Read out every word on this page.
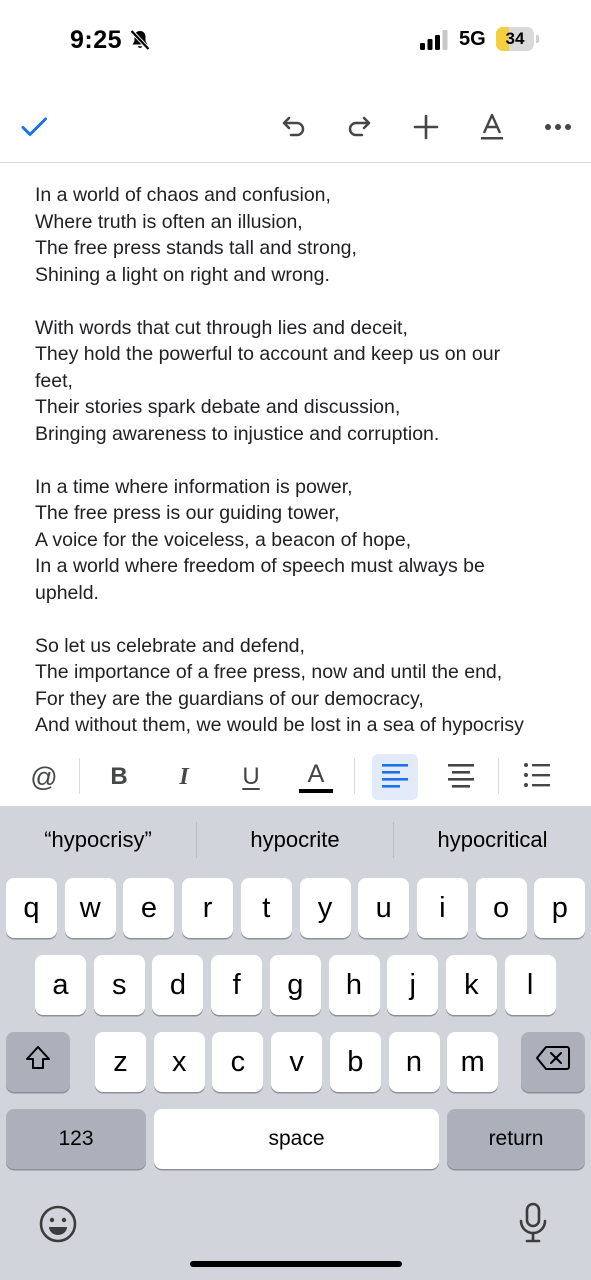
9:25	5G	34
In a world of chaos and confusion,
Where truth is often an illusion,
The free press stands tall and strong,
Shining a light on right and wrong.
With words that cut through lies and deceit,
They hold the powerful to account and keep us on our
feet,
Their stories spark debate and discussion,
Bringing awareness to injustice and corruption.
In a time where information is power,
The free press is our guiding tower,
A voice for the voiceless, a beacon of hope,
In a world where freedom of speech must always be
upheld.
So let us celebrate and defend,
The importance of a free press, now and until the end,
For they are the guardians of our democracy,
And without them, we would be lost in a sea of hypocrisy
@	B	I	U	A
“hypocrisy”	hypocrite	hypocritical
q	w	e	r	t	y	u	i	o	p
a	s	d	f	g	h	j	k	l
z	x	c	v	b	n	m
123	space	return
